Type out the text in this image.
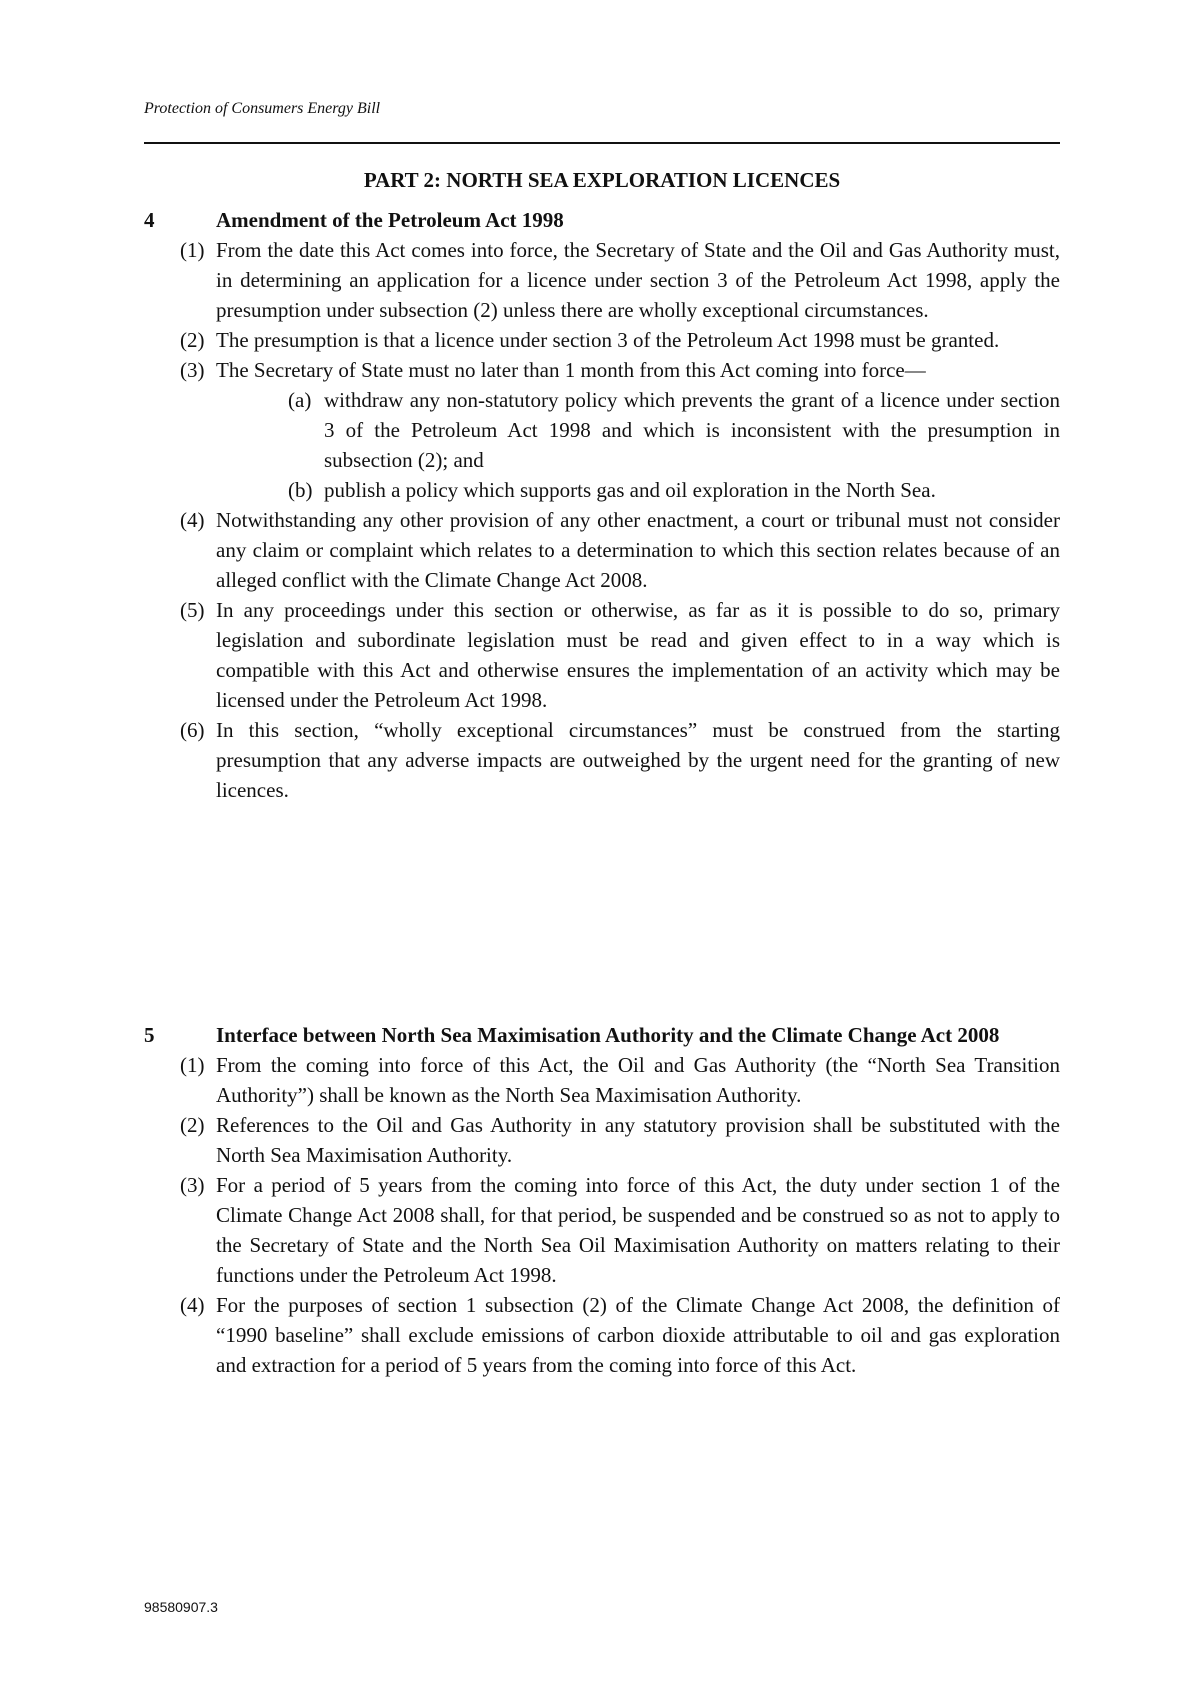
Protection of Consumers Energy Bill
PART 2: NORTH SEA EXPLORATION LICENCES
4	Amendment of the Petroleum Act 1998
(1) From the date this Act comes into force, the Secretary of State and the Oil and Gas Authority must, in determining an application for a licence under section 3 of the Petroleum Act 1998, apply the presumption under subsection (2) unless there are wholly exceptional circumstances.
(2) The presumption is that a licence under section 3 of the Petroleum Act 1998 must be granted.
(3) The Secretary of State must no later than 1 month from this Act coming into force—
(a) withdraw any non-statutory policy which prevents the grant of a licence under section 3 of the Petroleum Act 1998 and which is inconsistent with the presumption in subsection (2); and
(b) publish a policy which supports gas and oil exploration in the North Sea.
(4) Notwithstanding any other provision of any other enactment, a court or tribunal must not consider any claim or complaint which relates to a determination to which this section relates because of an alleged conflict with the Climate Change Act 2008.
(5) In any proceedings under this section or otherwise, as far as it is possible to do so, primary legislation and subordinate legislation must be read and given effect to in a way which is compatible with this Act and otherwise ensures the implementation of an activity which may be licensed under the Petroleum Act 1998.
(6) In this section, “wholly exceptional circumstances” must be construed from the starting presumption that any adverse impacts are outweighed by the urgent need for the granting of new licences.
5	Interface between North Sea Maximisation Authority and the Climate Change Act 2008
(1) From the coming into force of this Act, the Oil and Gas Authority (the “North Sea Transition Authority”) shall be known as the North Sea Maximisation Authority.
(2) References to the Oil and Gas Authority in any statutory provision shall be substituted with the North Sea Maximisation Authority.
(3) For a period of 5 years from the coming into force of this Act, the duty under section 1 of the Climate Change Act 2008 shall, for that period, be suspended and be construed so as not to apply to the Secretary of State and the North Sea Oil Maximisation Authority on matters relating to their functions under the Petroleum Act 1998.
(4) For the purposes of section 1 subsection (2) of the Climate Change Act 2008, the definition of “1990 baseline” shall exclude emissions of carbon dioxide attributable to oil and gas exploration and extraction for a period of 5 years from the coming into force of this Act.
98580907.3
